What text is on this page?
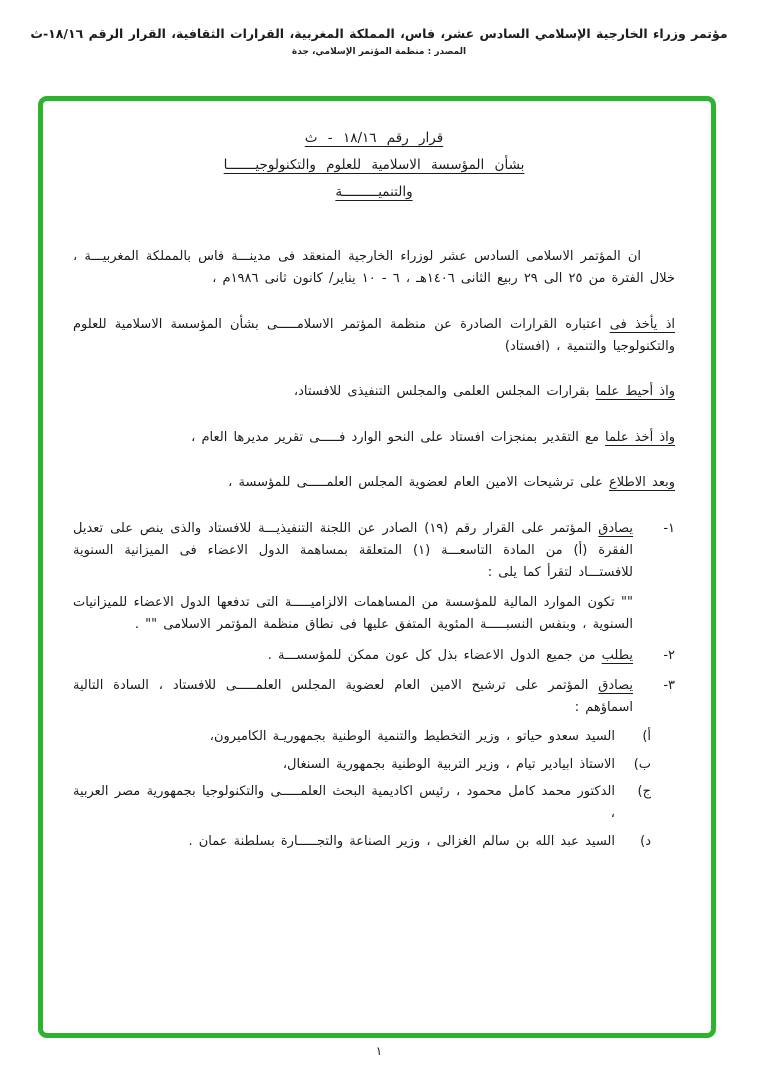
مؤتمر وزراء الخارجية الإسلامي السادس عشر، فاس، المملكة المغربية، القرارات الثقافية، القرار الرقم ١٨/١٦-ث
المصدر : منظمة المؤتمر الإسلامي، جدة
قرار رقم ١٨/١٦ - ث
بشأن المؤسسة الاسلامية للعلوم والتكنولوجيـــــــا
والتنميـــــــــة

ان المؤتمر الاسلامى السادس عشر لوزراء الخارجية المنعقد فى مدينـــة فاس بالمملكة المغربيـــة ، خلال الفترة من ٢٥ الى ٢٩ ربيع الثانى ١٤٠٦هـ ، ٦ - ١٠ يناير/ كانون ثانى ١٩٨٦م ،

اذ يأخذ فى اعتباره القرارات الصادرة عن منظمة المؤتمر الاسلامـــــى بشأن المؤسسة الاسلامية للعلوم والتكنولوجيا والتنمية ، (افستاد)

واذ أحيط علما بقرارات المجلس العلمى والمجلس التنفيذى للافستاد،

واذ أخذ علما مع التقدير بمنجزات افستاد على النحو الوارد فـــــى تقرير مديرها العام ،

وبعد الاطلاع على ترشيحات الامين العام لعضوية المجلس العلمـــــى للمؤسسة ،

١-
يصادق المؤتمر على القرار رقم (١٩) الصادر عن اللجنة التنفيذيـــة للافستاد والذى ينص على تعديل الفقرة (أ) من المادة التاسعـــة (١) المتعلقة بمساهمة الدول الاعضاء فى الميزانية السنوية للافستـــاد لتقرأ كما يلى :
"" تكون الموارد المالية للمؤسسة من المساهمات الالزاميـــــة التى تدفعها الدول الاعضاء للميزانيات السنوية ، وبنفس النسبـــــة المئوية المتفق عليها فى نطاق منظمة المؤتمر الاسلامى "" .
٢-
يطلب من جميع الدول الاعضاء بذل كل عون ممكن للمؤسســـة .
٣-
يصادق المؤتمر على ترشيح الامين العام لعضوية المجلس العلمـــــى للافستاد ، السادة التالية اسماؤهم :
أ)
السيد سعدو حياتو ، وزير التخطيط والتنمية الوطنية بجمهوريـة الكاميرون،
ب)
الاستاذ ابيادير تيام ، وزير التربية الوطنية بجمهورية السنغال،
ج)
الدكتور محمد كامل محمود ، رئيس اكاديمية البحث العلمـــــى والتكنولوجيا بجمهورية مصر العربية ،
د)
السيد عبد الله بن سالم الغزالى ، وزير الصناعة والتجـــــارة بسلطنة عمان .
١
